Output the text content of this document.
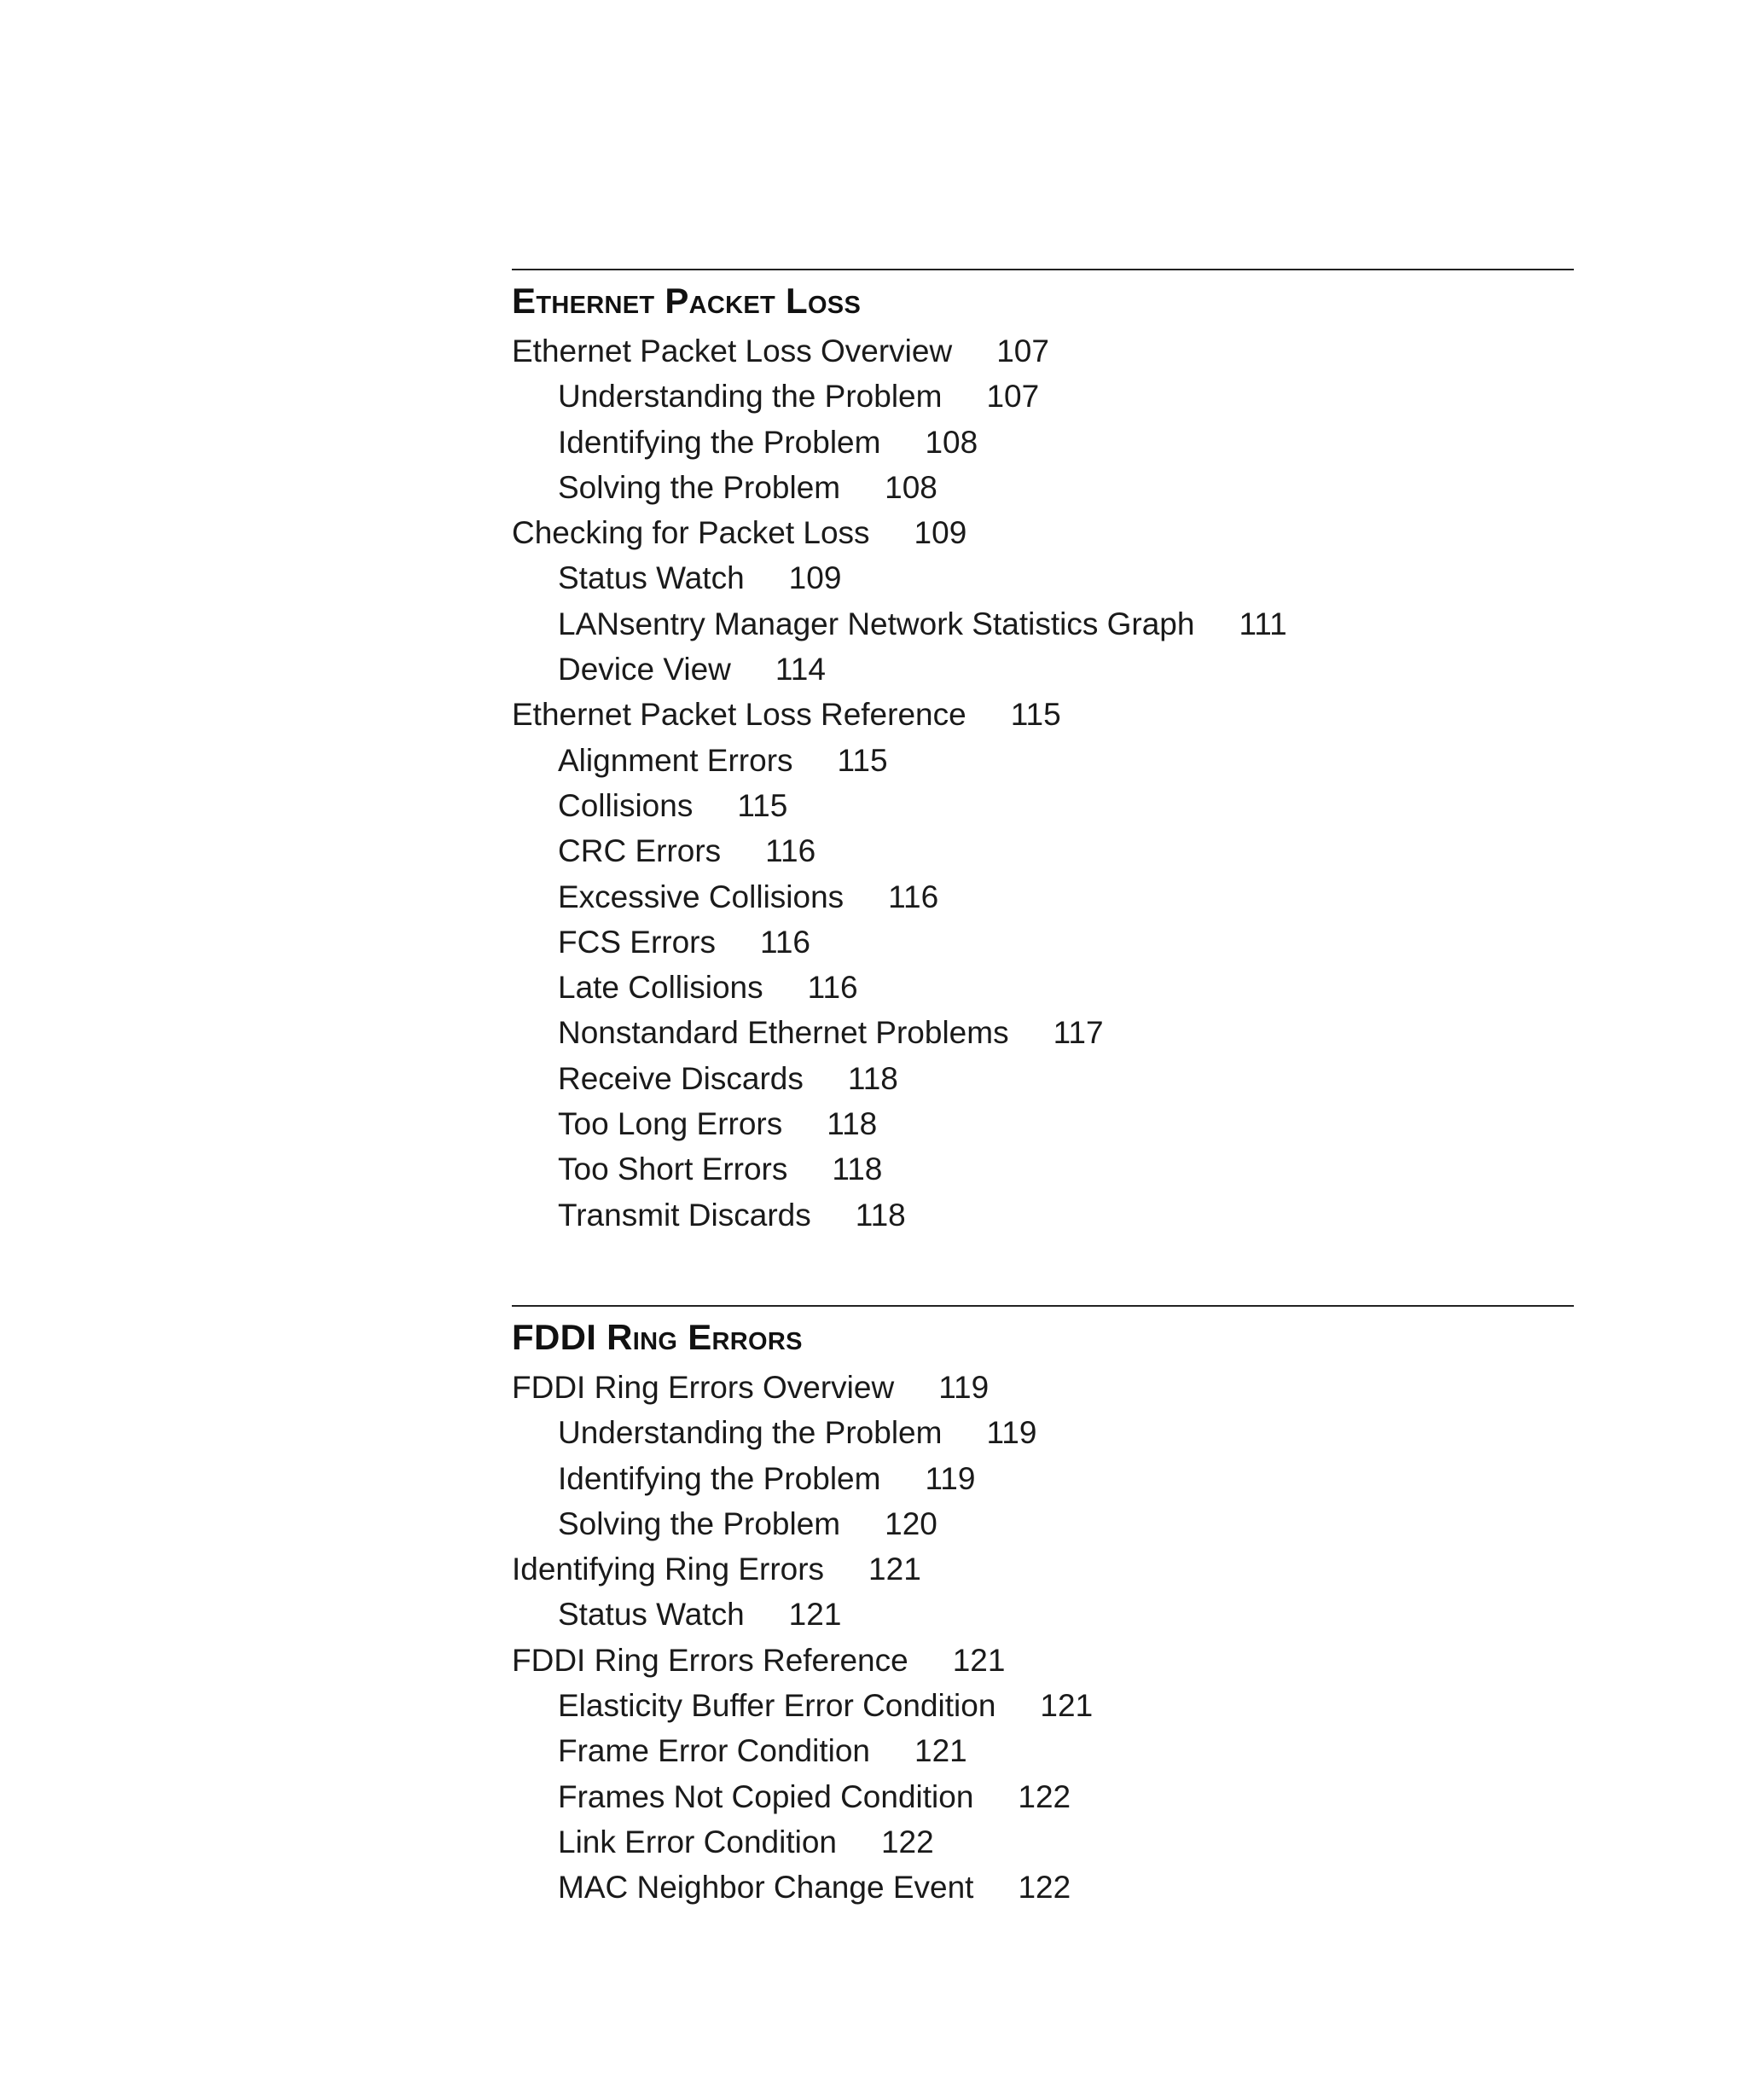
Ethernet Packet Loss
Ethernet Packet Loss Overview 107
Understanding the Problem 107
Identifying the Problem 108
Solving the Problem 108
Checking for Packet Loss 109
Status Watch 109
LANsentry Manager Network Statistics Graph 111
Device View 114
Ethernet Packet Loss Reference 115
Alignment Errors 115
Collisions 115
CRC Errors 116
Excessive Collisions 116
FCS Errors 116
Late Collisions 116
Nonstandard Ethernet Problems 117
Receive Discards 118
Too Long Errors 118
Too Short Errors 118
Transmit Discards 118
FDDI Ring Errors
FDDI Ring Errors Overview 119
Understanding the Problem 119
Identifying the Problem 119
Solving the Problem 120
Identifying Ring Errors 121
Status Watch 121
FDDI Ring Errors Reference 121
Elasticity Buffer Error Condition 121
Frame Error Condition 121
Frames Not Copied Condition 122
Link Error Condition 122
MAC Neighbor Change Event 122
